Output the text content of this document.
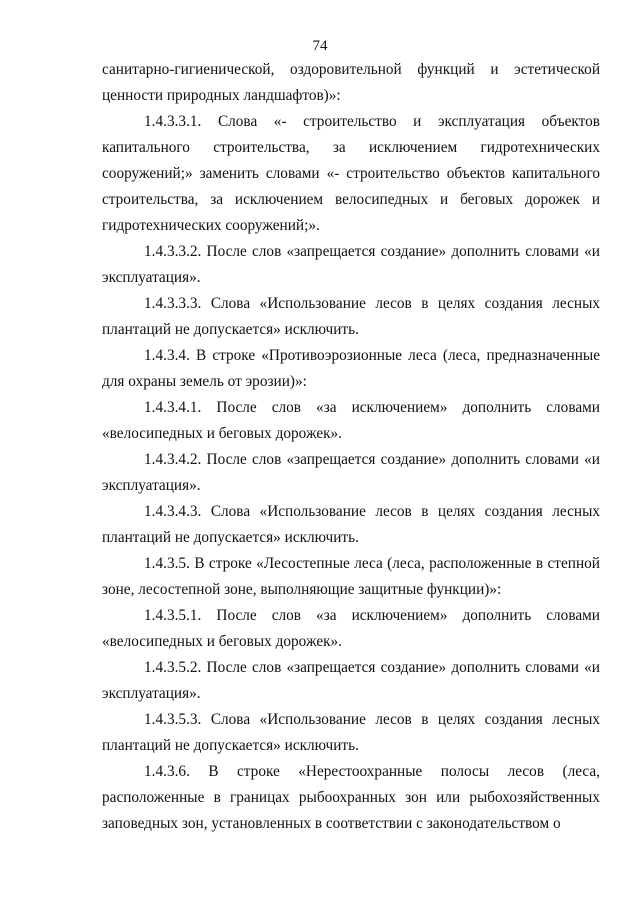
74

санитарно-гигиенической, оздоровительной функций и эстетической ценности природных ландшафтов)»:

1.4.3.3.1. Слова «- строительство и эксплуатация объектов капитального строительства, за исключением гидротехнических сооружений;» заменить словами «- строительство объектов капитального строительства, за исключением велосипедных и беговых дорожек и гидротехнических сооружений;».

1.4.3.3.2. После слов «запрещается создание» дополнить словами «и эксплуатация».

1.4.3.3.3. Слова «Использование лесов в целях создания лесных плантаций не допускается» исключить.

1.4.3.4. В строке «Противоэрозионные леса (леса, предназначенные для охраны земель от эрозии)»:

1.4.3.4.1. После слов «за исключением» дополнить словами «велосипедных и беговых дорожек».

1.4.3.4.2. После слов «запрещается создание» дополнить словами «и эксплуатация».

1.4.3.4.3. Слова «Использование лесов в целях создания лесных плантаций не допускается» исключить.

1.4.3.5. В строке «Лесостепные леса (леса, расположенные в степной зоне, лесостепной зоне, выполняющие защитные функции)»:

1.4.3.5.1. После слов «за исключением» дополнить словами «велосипедных и беговых дорожек».

1.4.3.5.2. После слов «запрещается создание» дополнить словами «и эксплуатация».

1.4.3.5.3. Слова «Использование лесов в целях создания лесных плантаций не допускается» исключить.

1.4.3.6. В строке «Нерестоохранные полосы лесов (леса, расположенные в границах рыбоохранных зон или рыбохозяйственных заповедных зон, установленных в соответствии с законодательством о
